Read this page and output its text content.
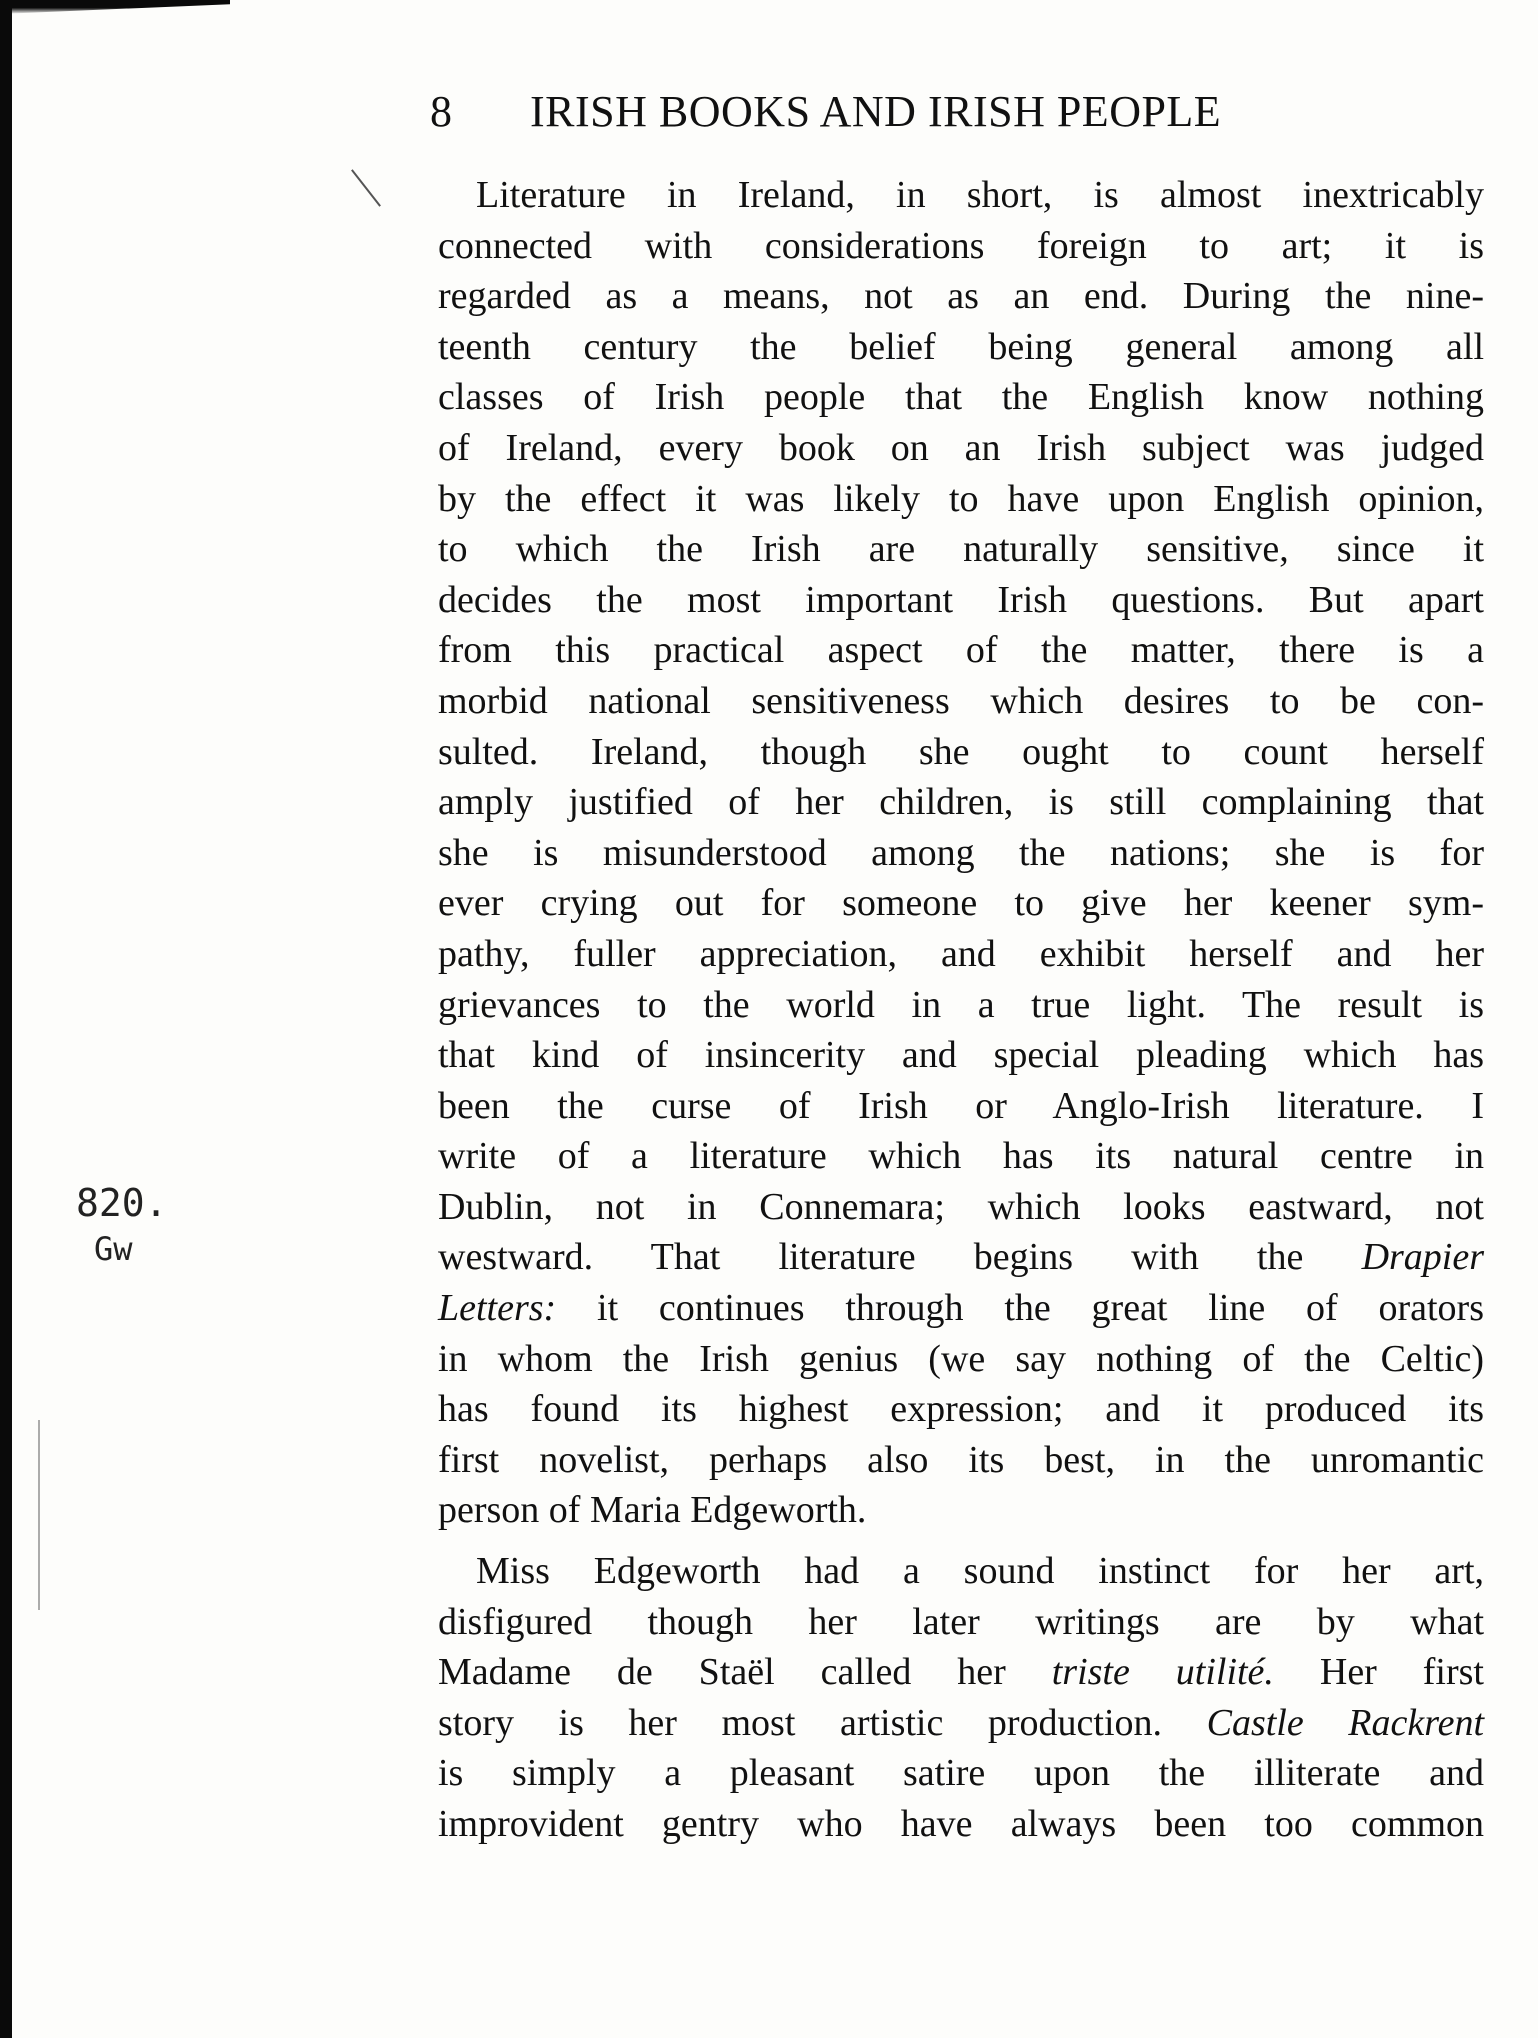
8 IRISH BOOKS AND IRISH PEOPLE
820.
Gw
Literature in Ireland, in short, is almost inextricably
connected with considerations foreign to art; it is
regarded as a means, not as an end. During the nine-
teenth century the belief being general among all
classes of Irish people that the English know nothing
of Ireland, every book on an Irish subject was judged
by the effect it was likely to have upon English opinion,
to which the Irish are naturally sensitive, since it
decides the most important Irish questions. But apart
from this practical aspect of the matter, there is a
morbid national sensitiveness which desires to be con-
sulted. Ireland, though she ought to count herself
amply justified of her children, is still complaining that
she is misunderstood among the nations; she is for
ever crying out for someone to give her keener sym-
pathy, fuller appreciation, and exhibit herself and her
grievances to the world in a true light. The result is
that kind of insincerity and special pleading which has
been the curse of Irish or Anglo-Irish literature. I
write of a literature which has its natural centre in
Dublin, not in Connemara; which looks eastward, not
westward. That literature begins with the Drapier
Letters: it continues through the great line of orators
in whom the Irish genius (we say nothing of the Celtic)
has found its highest expression; and it produced its
first novelist, perhaps also its best, in the unromantic
person of Maria Edgeworth.
Miss Edgeworth had a sound instinct for her art,
disfigured though her later writings are by what
Madame de Staël called her triste utilité. Her first
story is her most artistic production. Castle Rackrent
is simply a pleasant satire upon the illiterate and
improvident gentry who have always been too common
